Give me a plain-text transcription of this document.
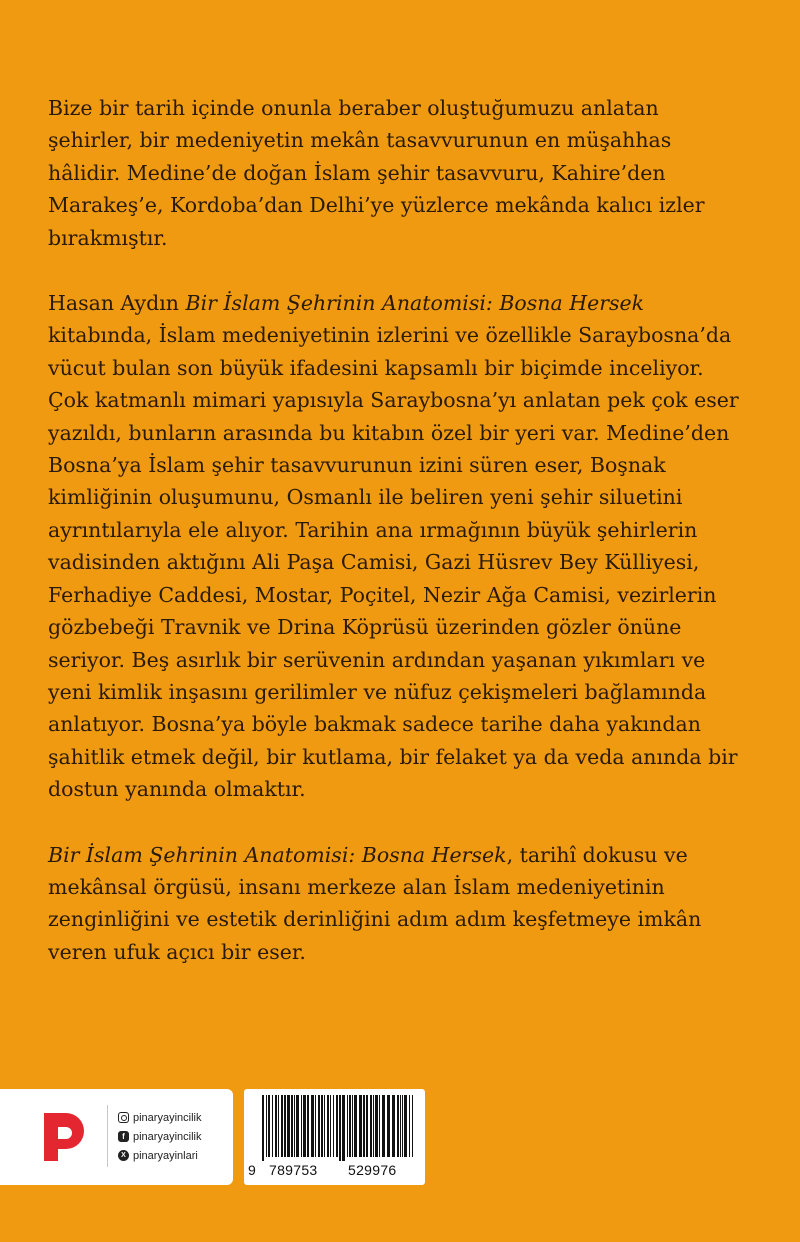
Bize bir tarih içinde onunla beraber oluştuğumuzu anlatan şehirler, bir medeniyetin mekân tasavvurunun en müşahhas hâlidir. Medine’de doğan İslam şehir tasavvuru, Kahire’den Marakeş’e, Kordoba’dan Delhi’ye yüzlerce mekânda kalıcı izler bırakmıştır.

Hasan Aydın Bir İslam Şehrinin Anatomisi: Bosna Hersek kitabında, İslam medeniyetinin izlerini ve özellikle Saraybosna’da vücut bulan son büyük ifadesini kapsamlı bir biçimde inceliyor. Çok katmanlı mimari yapısıyla Saraybosna’yı anlatan pek çok eser yazıldı, bunların arasında bu kitabın özel bir yeri var. Medine’den Bosna’ya İslam şehir tasavvurunun izini süren eser, Boşnak kimliğinin oluşumunu, Osmanlı ile beliren yeni şehir siluetini ayrıntılarıyla ele alıyor. Tarihin ana ırmağının büyük şehirlerin vadisinden aktığını Ali Paşa Camisi, Gazi Hüsrev Bey Külliyesi, Ferhadiye Caddesi, Mostar, Poçitel, Nezir Ağa Camisi, vezirlerin gözbebeği Travnik ve Drina Köprüsü üzerinden gözler önüne seriyor. Beş asırlık bir serüvenin ardından yaşanan yıkımları ve yeni kimlik inşasını gerilimler ve nüfuz çekişmeleri bağlamında anlatıyor. Bosna’ya böyle bakmak sadece tarihe daha yakından şahitlik etmek değil, bir kutlama, bir felaket ya da veda anında bir dostun yanında olmaktır.

Bir İslam Şehrinin Anatomisi: Bosna Hersek, tarihî dokusu ve mekânsal örgüsü, insanı merkeze alan İslam medeniyetinin zenginliğini ve estetik derinliğini adım adım keşfetmeye imkân veren ufuk açıcı bir eser.

pinaryayincilik
f pinaryayincilik
X pinaryayinlari
9 789753 529976
